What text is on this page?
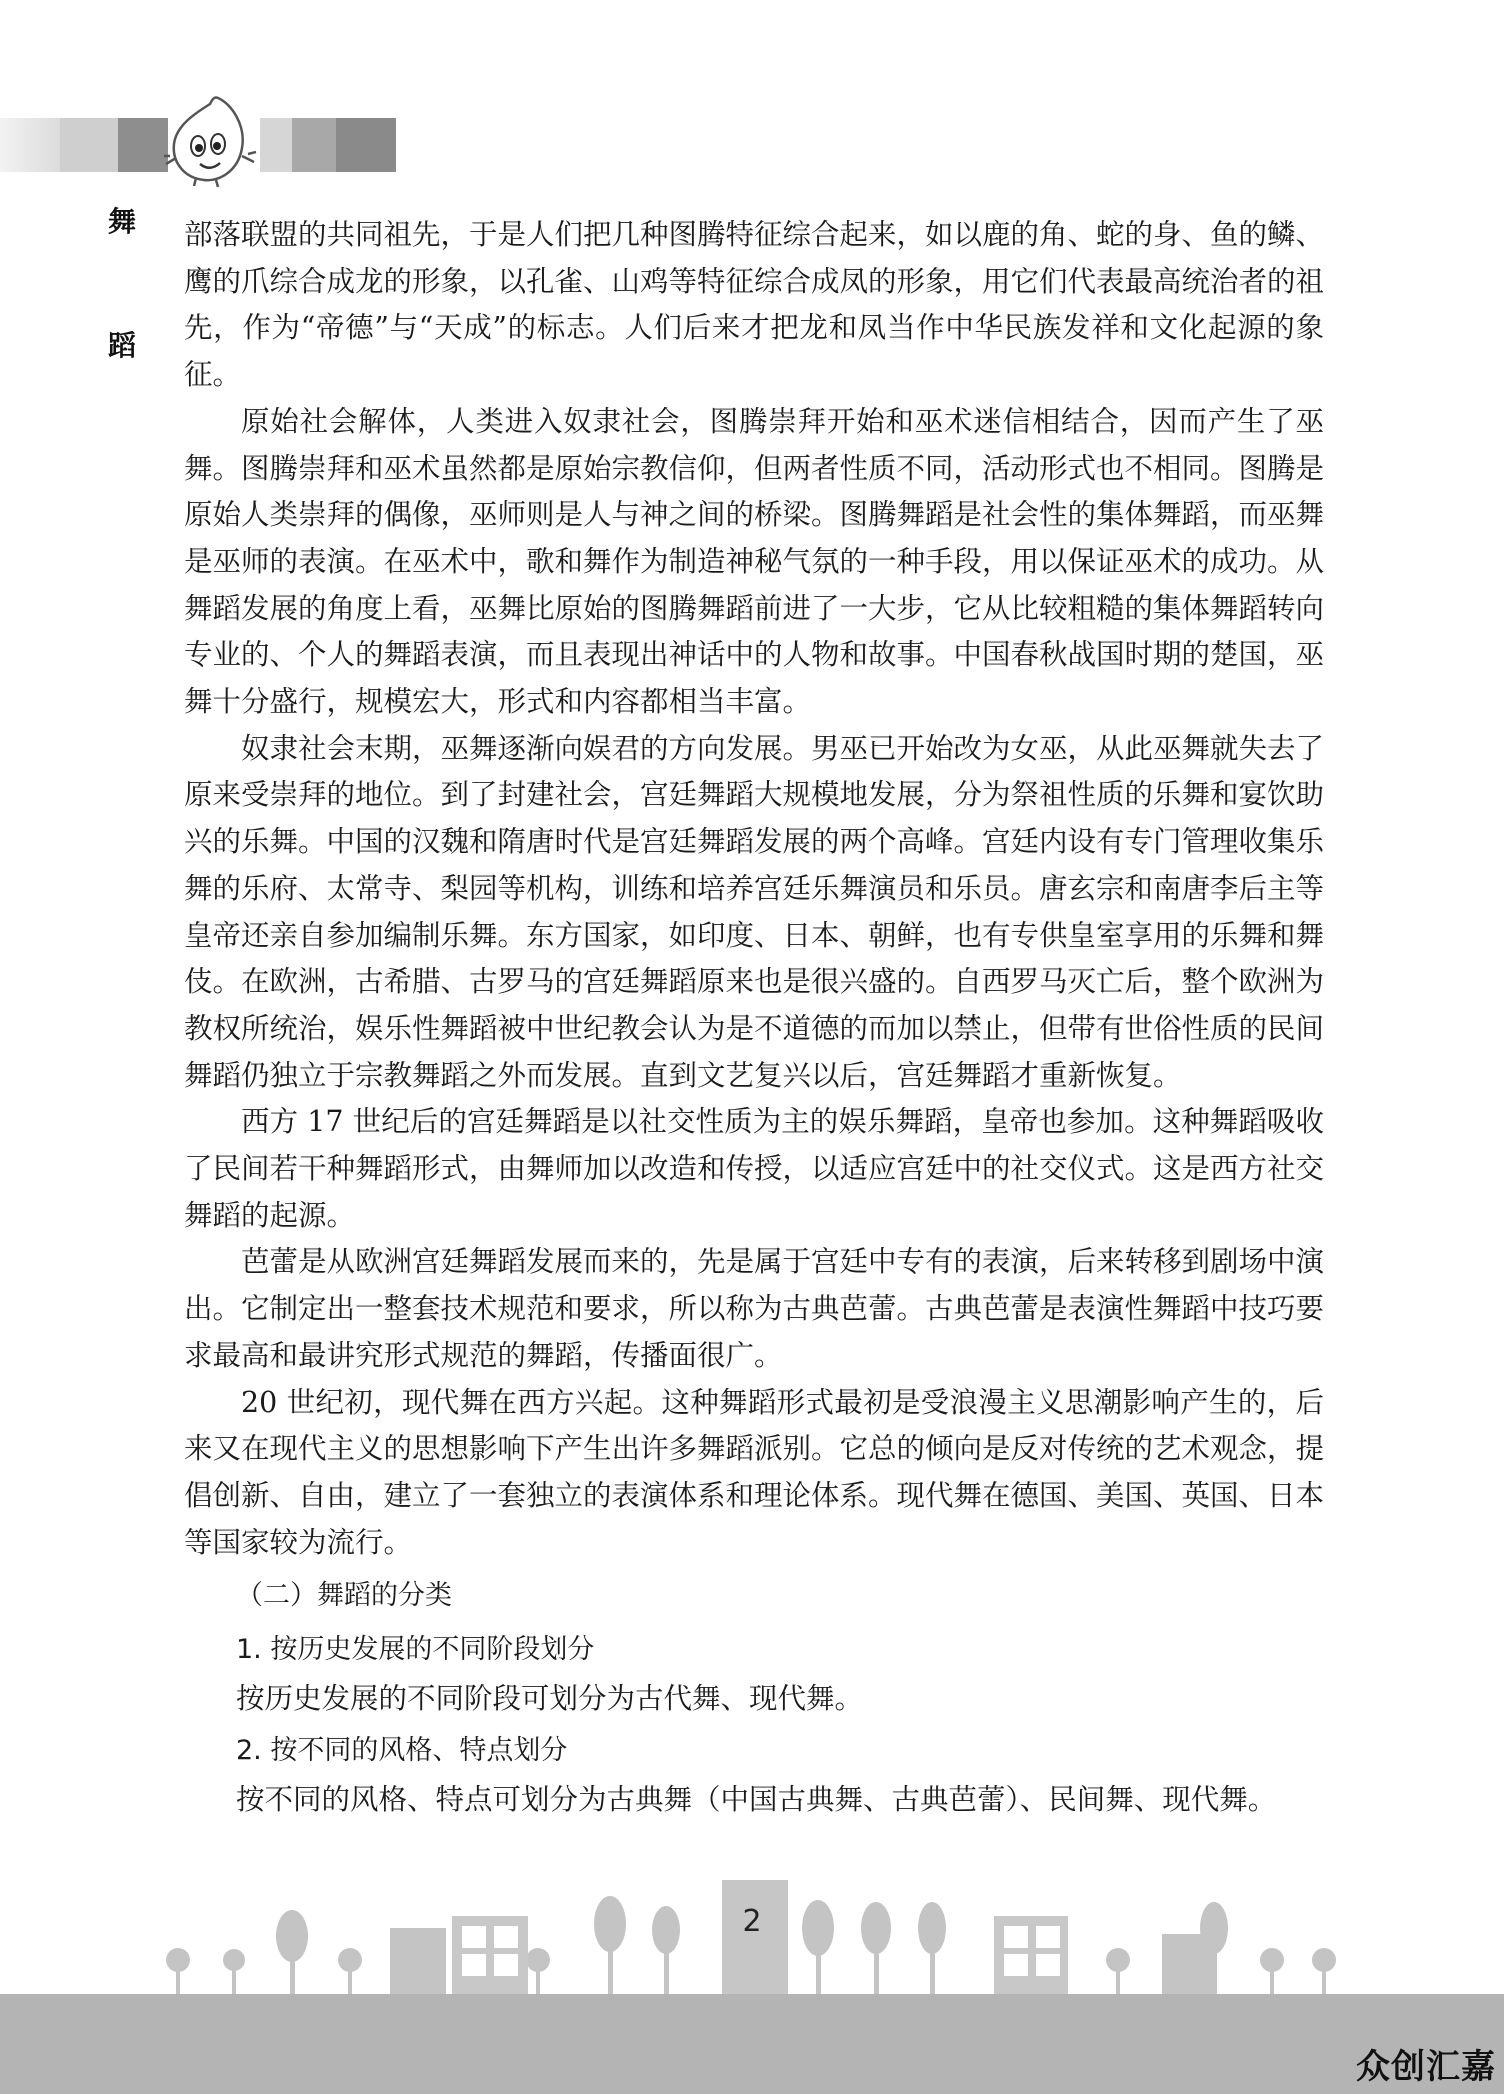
舞
蹈

部落联盟的共同祖先，于是人们把几种图腾特征综合起来，如以鹿的角、蛇的身、鱼的鳞、鹰的爪综合成龙的形象，以孔雀、山鸡等特征综合成凤的形象，用它们代表最高统治者的祖先，作为“帝德”与“天成”的标志。人们后来才把龙和凤当作中华民族发祥和文化起源的象征。

原始社会解体，人类进入奴隶社会，图腾崇拜开始和巫术迷信相结合，因而产生了巫舞。图腾崇拜和巫术虽然都是原始宗教信仰，但两者性质不同，活动形式也不相同。图腾是原始人类崇拜的偶像，巫师则是人与神之间的桥梁。图腾舞蹈是社会性的集体舞蹈，而巫舞是巫师的表演。在巫术中，歌和舞作为制造神秘气氛的一种手段，用以保证巫术的成功。从舞蹈发展的角度上看，巫舞比原始的图腾舞蹈前进了一大步，它从比较粗糙的集体舞蹈转向专业的、个人的舞蹈表演，而且表现出神话中的人物和故事。中国春秋战国时期的楚国，巫舞十分盛行，规模宏大，形式和内容都相当丰富。

奴隶社会末期，巫舞逐渐向娱君的方向发展。男巫已开始改为女巫，从此巫舞就失去了原来受崇拜的地位。到了封建社会，宫廷舞蹈大规模地发展，分为祭祖性质的乐舞和宴饮助兴的乐舞。中国的汉魏和隋唐时代是宫廷舞蹈发展的两个高峰。宫廷内设有专门管理收集乐舞的乐府、太常寺、梨园等机构，训练和培养宫廷乐舞演员和乐员。唐玄宗和南唐李后主等皇帝还亲自参加编制乐舞。东方国家，如印度、日本、朝鲜，也有专供皇室享用的乐舞和舞伎。在欧洲，古希腊、古罗马的宫廷舞蹈原来也是很兴盛的。自西罗马灭亡后，整个欧洲为教权所统治，娱乐性舞蹈被中世纪教会认为是不道德的而加以禁止，但带有世俗性质的民间舞蹈仍独立于宗教舞蹈之外而发展。直到文艺复兴以后，宫廷舞蹈才重新恢复。

西方 17 世纪后的宫廷舞蹈是以社交性质为主的娱乐舞蹈，皇帝也参加。这种舞蹈吸收了民间若干种舞蹈形式，由舞师加以改造和传授，以适应宫廷中的社交仪式。这是西方社交舞蹈的起源。

芭蕾是从欧洲宫廷舞蹈发展而来的，先是属于宫廷中专有的表演，后来转移到剧场中演出。它制定出一整套技术规范和要求，所以称为古典芭蕾。古典芭蕾是表演性舞蹈中技巧要求最高和最讲究形式规范的舞蹈，传播面很广。

20 世纪初，现代舞在西方兴起。这种舞蹈形式最初是受浪漫主义思潮影响产生的，后来又在现代主义的思想影响下产生出许多舞蹈派别。它总的倾向是反对传统的艺术观念，提倡创新、自由，建立了一套独立的表演体系和理论体系。现代舞在德国、美国、英国、日本等国家较为流行。

（二）舞蹈的分类

1. 按历史发展的不同阶段划分

按历史发展的不同阶段可划分为古代舞、现代舞。

2. 按不同的风格、特点划分

按不同的风格、特点可划分为古典舞（中国古典舞、古典芭蕾）、民间舞、现代舞。

2
众创汇嘉
